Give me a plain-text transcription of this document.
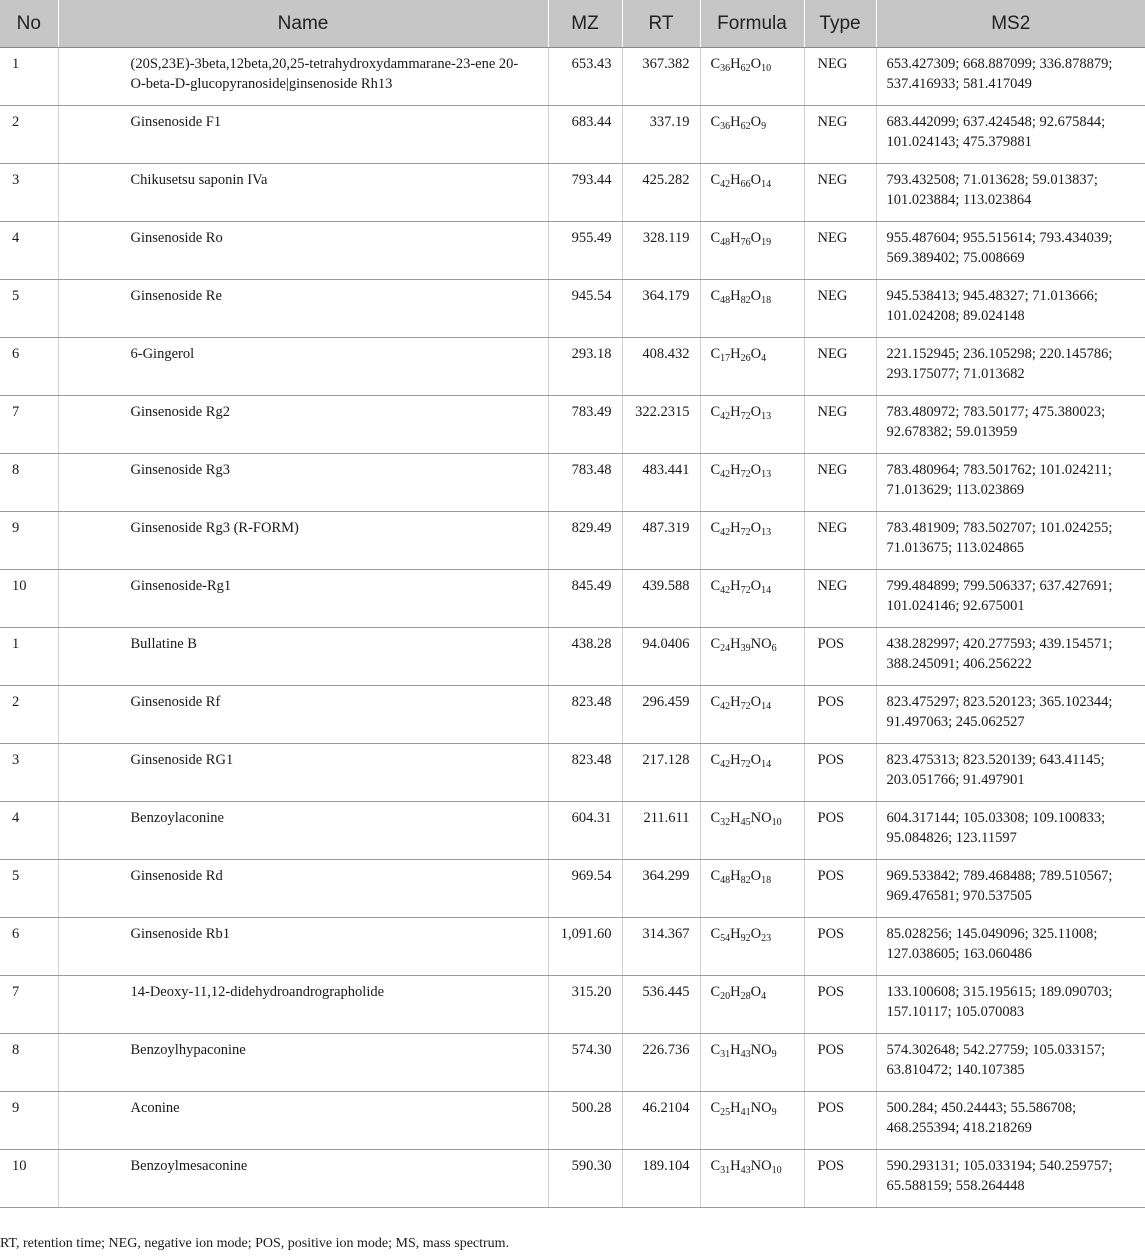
No	Name	MZ	RT	Formula	Type	MS2
1	(20S,23E)-3beta,12beta,20,25-tetrahydroxydammarane-23-ene 20-O-beta-D-glucopyranoside|ginsenoside Rh13	653.43	367.382	$C_{36}H_{62}O_{10}$	NEG	653.427309; 668.887099; 336.878879; 537.416933; 581.417049
2	Ginsenoside F1	683.44	337.19	$C_{36}H_{62}O_9$	NEG	683.442099; 637.424548; 92.675844; 101.024143; 475.379881
3	Chikusetsu saponin IVa	793.44	425.282	$C_{42}H_{66}O_{14}$	NEG	793.432508; 71.013628; 59.013837; 101.023884; 113.023864
4	Ginsenoside Ro	955.49	328.119	$C_{48}H_{76}O_{19}$	NEG	955.487604; 955.515614; 793.434039; 569.389402; 75.008669
5	Ginsenoside Re	945.54	364.179	$C_{48}H_{82}O_{18}$	NEG	945.538413; 945.48327; 71.013666; 101.024208; 89.024148
6	6-Gingerol	293.18	408.432	$C_{17}H_{26}O_4$	NEG	221.152945; 236.105298; 220.145786; 293.175077; 71.013682
7	Ginsenoside Rg2	783.49	322.2315	$C_{42}H_{72}O_{13}$	NEG	783.480972; 783.50177; 475.380023; 92.678382; 59.013959
8	Ginsenoside Rg3	783.48	483.441	$C_{42}H_{72}O_{13}$	NEG	783.480964; 783.501762; 101.024211; 71.013629; 113.023869
9	Ginsenoside Rg3 (R-FORM)	829.49	487.319	$C_{42}H_{72}O_{13}$	NEG	783.481909; 783.502707; 101.024255; 71.013675; 113.024865
10	Ginsenoside-Rg1	845.49	439.588	$C_{42}H_{72}O_{14}$	NEG	799.484899; 799.506337; 637.427691; 101.024146; 92.675001
1	Bullatine B	438.28	94.0406	$C_{24}H_{39}NO_6$	POS	438.282997; 420.277593; 439.154571; 388.245091; 406.256222
2	Ginsenoside Rf	823.48	296.459	$C_{42}H_{72}O_{14}$	POS	823.475297; 823.520123; 365.102344; 91.497063; 245.062527
3	Ginsenoside RG1	823.48	217.128	$C_{42}H_{72}O_{14}$	POS	823.475313; 823.520139; 643.41145; 203.051766; 91.497901
4	Benzoylaconine	604.31	211.611	$C_{32}H_{45}NO_{10}$	POS	604.317144; 105.03308; 109.100833; 95.084826; 123.11597
5	Ginsenoside Rd	969.54	364.299	$C_{48}H_{82}O_{18}$	POS	969.533842; 789.468488; 789.510567; 969.476581; 970.537505
6	Ginsenoside Rb1	1,091.60	314.367	$C_{54}H_{92}O_{23}$	POS	85.028256; 145.049096; 325.11008; 127.038605; 163.060486
7	14-Deoxy-11,12-didehydroandrographolide	315.20	536.445	$C_{20}H_{28}O_4$	POS	133.100608; 315.195615; 189.090703; 157.10117; 105.070083
8	Benzoylhypaconine	574.30	226.736	$C_{31}H_{43}NO_9$	POS	574.302648; 542.27759; 105.033157; 63.810472; 140.107385
9	Aconine	500.28	46.2104	$C_{25}H_{41}NO_9$	POS	500.284; 450.24443; 55.586708; 468.255394; 418.218269
10	Benzoylmesaconine	590.30	189.104	$C_{31}H_{43}NO_{10}$	POS	590.293131; 105.033194; 540.259757; 65.588159; 558.264448
RT, retention time; NEG, negative ion mode; POS, positive ion mode; MS, mass spectrum.
